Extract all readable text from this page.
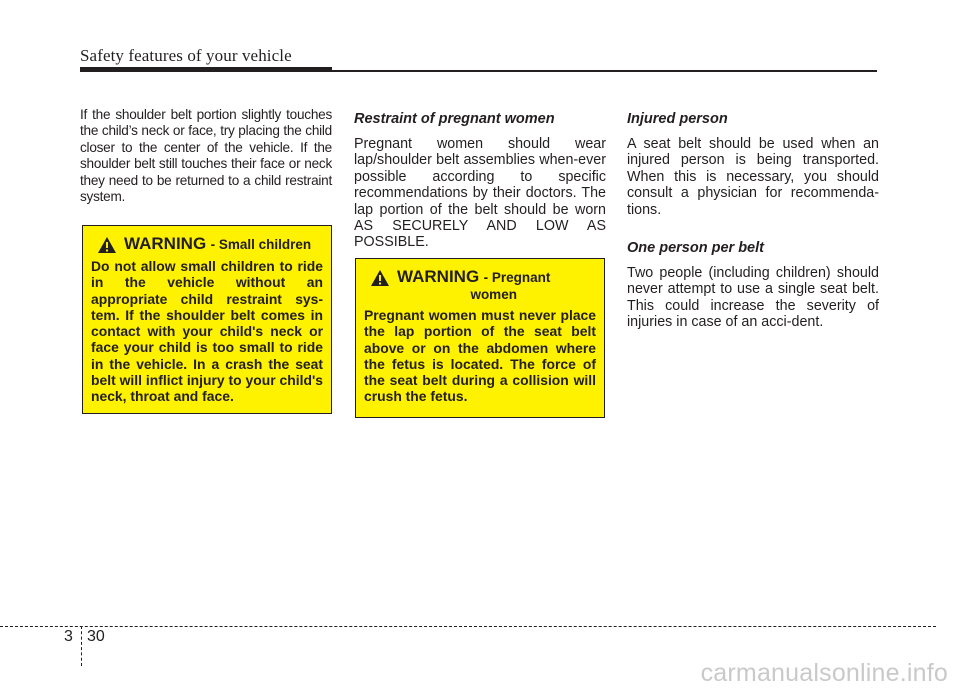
Safety features of your vehicle

If the shoulder belt portion slightly touches the child’s neck or face, try placing the child closer to the center of the vehicle. If the shoulder belt still touches their face or neck they need to be returned to a child restraint system.

WARNING - Small children

Do not allow small children to ride in the vehicle without an appropriate child restraint sys-tem. If the shoulder belt comes in contact with your child's neck or face your child is too small to ride in the vehicle. In a crash the seat belt will inflict injury to your child's neck, throat and face.

Restraint of pregnant women

Pregnant women should wear lap/shoulder belt assemblies when-ever possible according to specific recommendations by their doctors. The lap portion of the belt should be worn AS SECURELY AND LOW AS POSSIBLE.

WARNING - Pregnant
women

Pregnant women must never place the lap portion of the seat belt above or on the abdomen where the fetus is located. The force of the seat belt during a collision will crush the fetus.

Injured person

A seat belt should be used when an injured person is being transported. When this is necessary, you should consult a physician for recommenda-tions.

One person per belt

Two people (including children) should never attempt to use a single seat belt. This could increase the severity of injuries in case of an acci-dent.

3 30
carmanualsonline.info
